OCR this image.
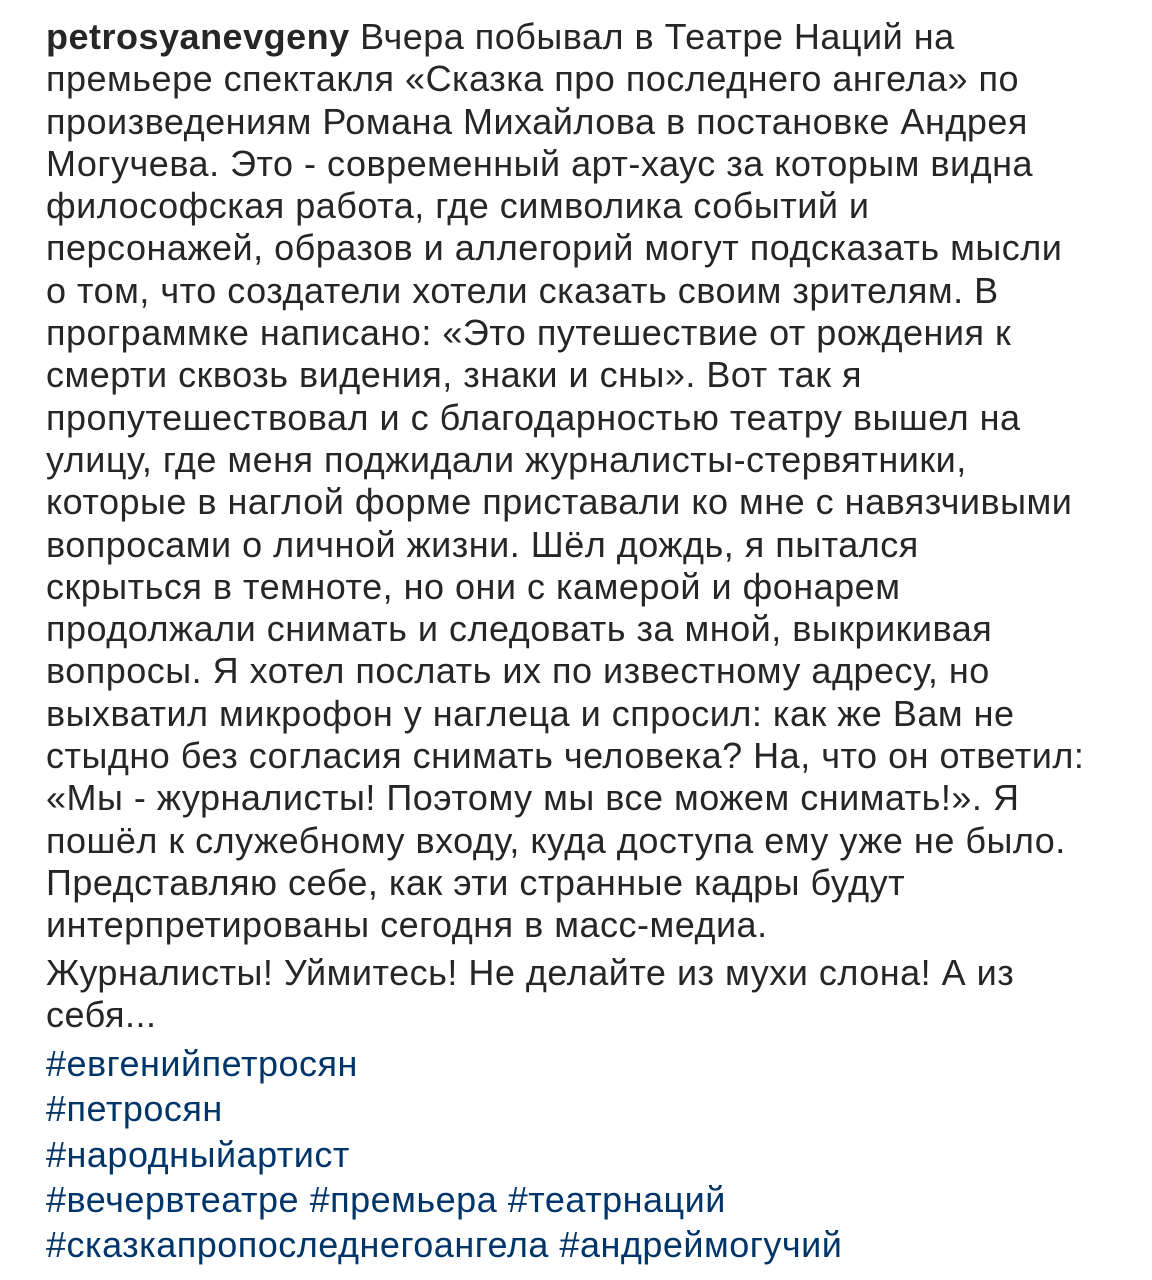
petrosyanevgeny Вчера побывал в Театре Наций на
премьере спектакля «Сказка про последнего ангела» по
произведениям Романа Михайлова в постановке Андрея
Могучева. Это - современный арт-хаус за которым видна
философская работа, где символика событий и
персонажей, образов и аллегорий могут подсказать мысли
о том, что создатели хотели сказать своим зрителям. В
программке написано: «Это путешествие от рождения к
смерти сквозь видения, знаки и сны». Вот так я
пропутешествовал и с благодарностью театру вышел на
улицу, где меня поджидали журналисты-стервятники,
которые в наглой форме приставали ко мне с навязчивыми
вопросами о личной жизни. Шёл дождь, я пытался
скрыться в темноте, но они с камерой и фонарем
продолжали снимать и следовать за мной, выкрикивая
вопросы. Я хотел послать их по известному адресу, но
выхватил микрофон у наглеца и спросил: как же Вам не
стыдно без согласия снимать человека? На, что он ответил:
«Мы - журналисты! Поэтому мы все можем снимать!». Я
пошёл к служебному входу, куда доступа ему уже не было.
Представляю себе, как эти странные кадры будут
интерпретированы сегодня в масс-медиа.
Журналисты! Уймитесь! Не делайте из мухи слона! А из
себя...
#евгенийпетросян
#петросян
#народныйартист
#вечервтеатре #премьера #театрнаций
#сказкапропоследнегоангела #андреймогучий
